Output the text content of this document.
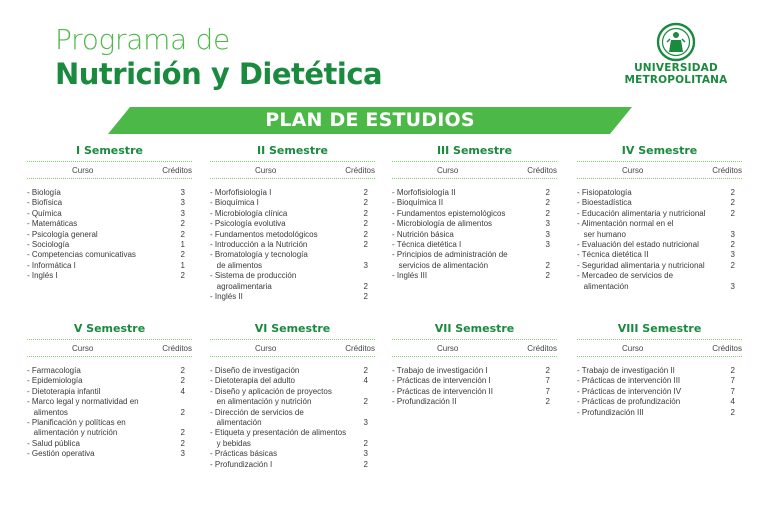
Programa de
Nutrición y Dietética	UNIVERSIDAD
METROPOLITANA
PLAN DE ESTUDIOS
I Semestre
Curso	Créditos
- Biología	3
- Biofísica	3
- Química	3
- Matemáticas	2
- Psicología general	2
- Sociología	1
- Competencias comunicativas	2
- Informática I	1
- Inglés I	2
II Semestre
Curso	Créditos
- Morfofisiología I	2
- Bioquímica I	2
- Microbiología clínica	2
- Psicología evolutiva	2
- Fundamentos metodológicos	2
- Introducción a la Nutrición	2
- Bromatología y tecnología
de alimentos	3
- Sistema de producción
agroalimentaria	2
- Inglés II	2
III Semestre
Curso	Créditos
- Morfofisiología II	2
- Bioquímica II	2
- Fundamentos epistemológicos	2
- Microbiología de alimentos	3
- Nutrición básica	3
- Técnica dietética I	3
- Principios de administración de
servicios de alimentación	2
- Inglés III	2
IV Semestre
Curso	Créditos
- Fisiopatología	2
- Bioestadística	2
- Educación alimentaria y nutricional	2
- Alimentación normal en el
ser humano	3
- Evaluación del estado nutricional	2
- Técnica dietética II	3
- Seguridad alimentaria y nutricional	2
- Mercadeo de servicios de
alimentación	3
V Semestre
Curso	Créditos
- Farmacología	2
- Epidemiología	2
- Dietoterapia infantil	4
- Marco legal y normatividad en
alimentos	2
- Planificación y políticas en
alimentación y nutrición	2
- Salud pública	2
- Gestión operativa	3
VI Semestre
Curso	Créditos
- Diseño de investigación	2
- Dietoterapia del adulto	4
- Diseño y aplicación de proyectos
en alimentación y nutrición	2
- Dirección de servicios de
alimentación	3
- Etiqueta y presentación de alimentos
y bebidas	2
- Prácticas básicas	3
- Profundización I	2
VII Semestre
Curso	Créditos
- Trabajo de investigación I	2
- Prácticas de intervención I	7
- Prácticas de intervención II	7
- Profundización II	2
VIII Semestre
Curso	Créditos
- Trabajo de investigación II	2
- Prácticas de intervención III	7
- Prácticas de intervención IV	7
- Prácticas de profundización	4
- Profundización III	2
